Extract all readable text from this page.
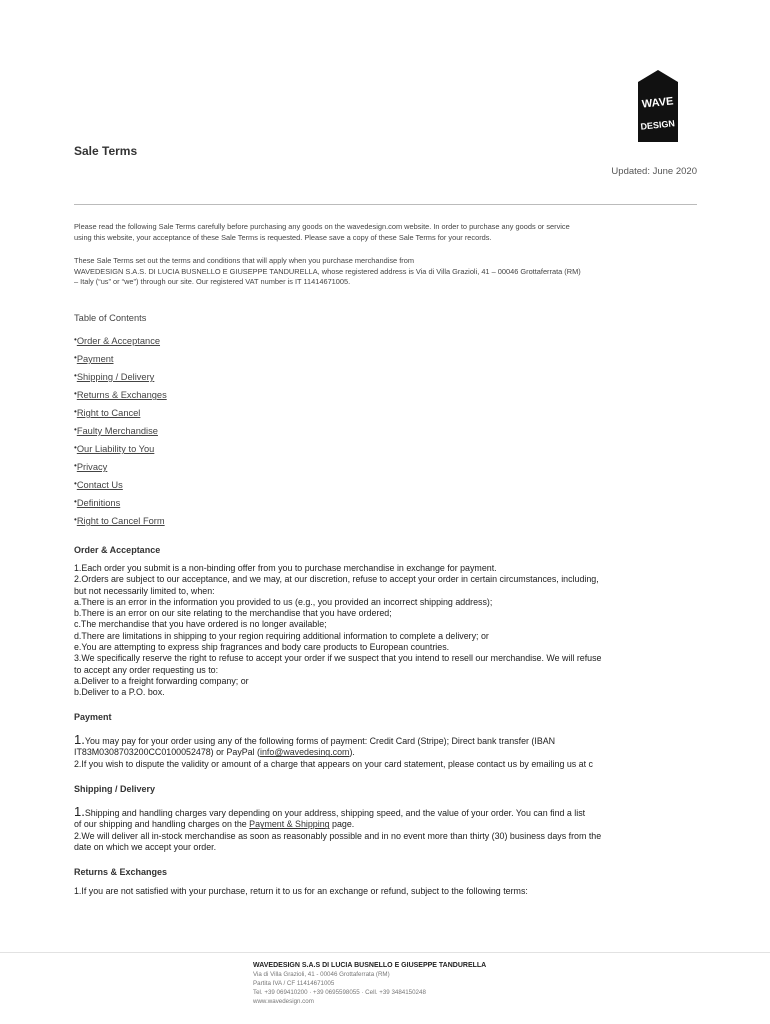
WAVE
DESIGN
Sale Terms
Updated: June 2020
Please read the following Sale Terms carefully before purchasing any goods on the wavedesign.com website. In order to purchase any goods or service
using this website, your acceptance of these Sale Terms is requested. Please save a copy of these Sale Terms for your records.
These Sale Terms set out the terms and conditions that will apply when you purchase merchandise from
WAVEDESIGN S.A.S. DI LUCIA BUSNELLO E GIUSEPPE TANDURELLA, whose registered address is Via di Villa Grazioli, 41 – 00046 Grottaferrata (RM)
– Italy (“us” or “we”) through our site. Our registered VAT number is IT 11414671005.
Table of Contents
•Order & Acceptance
•Payment
•Shipping / Delivery
•Returns & Exchanges
•Right to Cancel
•Faulty Merchandise
•Our Liability to You
•Privacy
•Contact Us
•Definitions
•Right to Cancel Form
Order & Acceptance
1.Each order you submit is a non-binding offer from you to purchase merchandise in exchange for payment.
2.Orders are subject to our acceptance, and we may, at our discretion, refuse to accept your order in certain circumstances, including,
but not necessarily limited to, when:
a.There is an error in the information you provided to us (e.g., you provided an incorrect shipping address);
b.There is an error on our site relating to the merchandise that you have ordered;
c.The merchandise that you have ordered is no longer available;
d.There are limitations in shipping to your region requiring additional information to complete a delivery; or
e.You are attempting to express ship fragrances and body care products to European countries.
3.We specifically reserve the right to refuse to accept your order if we suspect that you intend to resell our merchandise. We will refuse
to accept any order requesting us to:
a.Deliver to a freight forwarding company; or
b.Deliver to a P.O. box.
Payment
1.You may pay for your order using any of the following forms of payment: Credit Card (Stripe); Direct bank transfer (IBAN
IT83M0308703200CC0100052478) or PayPal (info@wavedesing.com).
2.If you wish to dispute the validity or amount of a charge that appears on your card statement, please contact us by emailing us at c
Shipping / Delivery
1.Shipping and handling charges vary depending on your address, shipping speed, and the value of your order. You can find a list
of our shipping and handling charges on the Payment & Shipping page.
2.We will deliver all in-stock merchandise as soon as reasonably possible and in no event more than thirty (30) business days from the
date on which we accept your order.
Returns & Exchanges
1.If you are not satisfied with your purchase, return it to us for an exchange or refund, subject to the following terms:
WAVEDESIGN S.A.S DI LUCIA BUSNELLO E GIUSEPPE TANDURELLA
Via di Villa Grazioli, 41 - 00046 Grottaferrata (RM)
Partita IVA / CF 11414671005
Tel. +39 069410200 · +39 0695598055 · Cell. +39 3484150248
www.wavedesign.com
